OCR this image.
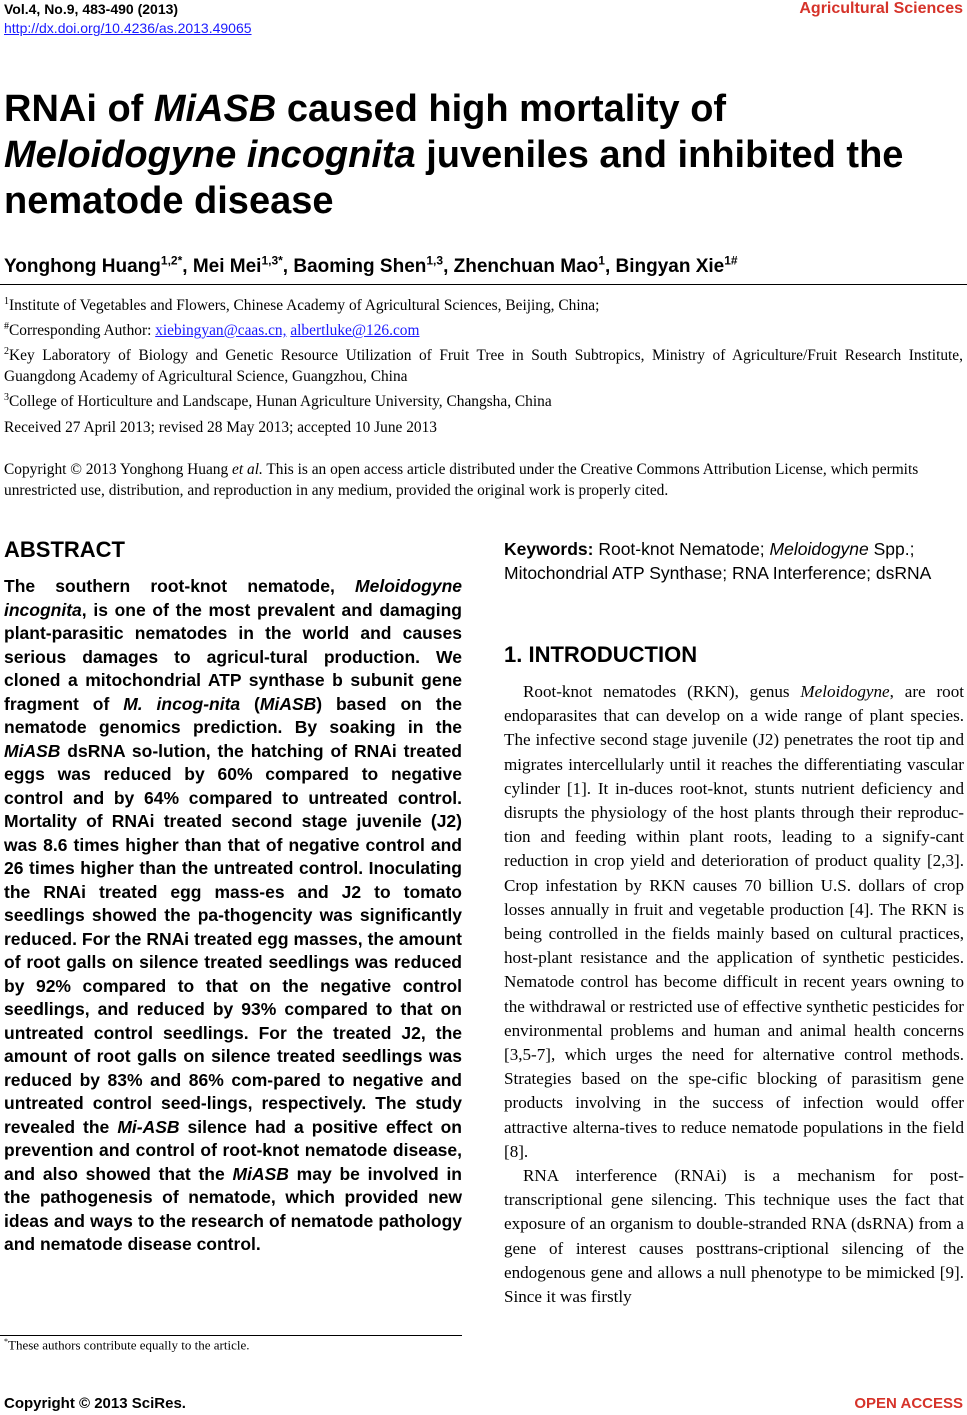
Vol.4, No.9, 483-490 (2013)
http://dx.doi.org/10.4236/as.2013.49065
Agricultural Sciences
RNAi of MiASB caused high mortality of
Meloidogyne incognita juveniles and inhibited the nematode disease
Yonghong Huang$^{1,2*}$, Mei Mei$^{1,3*}$, Baoming Shen$^{1,3}$, Zhenchuan Mao$^1$, Bingyan Xie$^{1\#}$

$^1$Institute of Vegetables and Flowers, Chinese Academy of Agricultural Sciences, Beijing, China;

#Corresponding Author: xiebingyan@caas.cn, albertluke@126.com

$^2$Key Laboratory of Biology and Genetic Resource Utilization of Fruit Tree in South Subtropics, Ministry of Agriculture/Fruit Research Institute, Guangdong Academy of Agricultural Science, Guangzhou, China

$^3$College of Horticulture and Landscape, Hunan Agriculture University, Changsha, China

Received 27 April 2013; revised 28 May 2013; accepted 10 June 2013
Copyright © 2013 Yonghong Huang et al. This is an open access article distributed under the Creative Commons Attribution License, which permits unrestricted use, distribution, and reproduction in any medium, provided the original work is properly cited.
ABSTRACT

The southern root-knot nematode, Meloidogyne incognita, is one of the most prevalent and damaging plant-parasitic nematodes in the world and causes serious damages to agricul-tural production. We cloned a mitochondrial ATP synthase b subunit gene fragment of M. incog-nita (MiASB) based on the nematode genomics prediction. By soaking in the MiASB dsRNA so-lution, the hatching of RNAi treated eggs was reduced by 60% compared to negative control and by 64% compared to untreated control. Mortality of RNAi treated second stage juvenile (J2) was 8.6 times higher than that of negative control and 26 times higher than the untreated control. Inoculating the RNAi treated egg mass-es and J2 to tomato seedlings showed the pa-thogencity was significantly reduced. For the RNAi treated egg masses, the amount of root galls on silence treated seedlings was reduced by 92% compared to that on the negative control seedlings, and reduced by 93% compared to that on untreated control seedlings. For the treated J2, the amount of root galls on silence treated seedlings was reduced by 83% and 86% com-pared to negative and untreated control seed-lings, respectively. The study revealed the Mi-ASB silence had a positive effect on prevention and control of root-knot nematode disease, and also showed that the MiASB may be involved in the pathogenesis of nematode, which provided new ideas and ways to the research of nematode pathology and nematode disease control.

*These authors contribute equally to the article.

Keywords: Root-knot Nematode; Meloidogyne Spp.; Mitochondrial ATP Synthase; RNA Interference; dsRNA

1. INTRODUCTION

Root-knot nematodes (RKN), genus Meloidogyne, are root endoparasites that can develop on a wide range of plant species. The infective second stage juvenile (J2) penetrates the root tip and migrates intercellularly until it reaches the differentiating vascular cylinder [1]. It in-duces root-knot, stunts nutrient deficiency and disrupts the physiology of the host plants through their reproduc-tion and feeding within plant roots, leading to a signify-cant reduction in crop yield and deterioration of product quality [2,3]. Crop infestation by RKN causes 70 billion U.S. dollars of crop losses annually in fruit and vegetable production [4]. The RKN is being controlled in the fields mainly based on cultural practices, host-plant resistance and the application of synthetic pesticides. Nematode control has become difficult in recent years owning to the withdrawal or restricted use of effective synthetic pesticides for environmental problems and human and animal health concerns [3,5-7], which urges the need for alternative control methods. Strategies based on the spe-cific blocking of parasitism gene products involving in the success of infection would offer attractive alterna-tives to reduce nematode populations in the field [8].

RNA interference (RNAi) is a mechanism for post-transcriptional gene silencing. This technique uses the fact that exposure of an organism to double-stranded RNA (dsRNA) from a gene of interest causes posttrans-criptional silencing of the endogenous gene and allows a null phenotype to be mimicked [9]. Since it was firstly

Copyright © 2013 SciRes.	OPEN ACCESS
